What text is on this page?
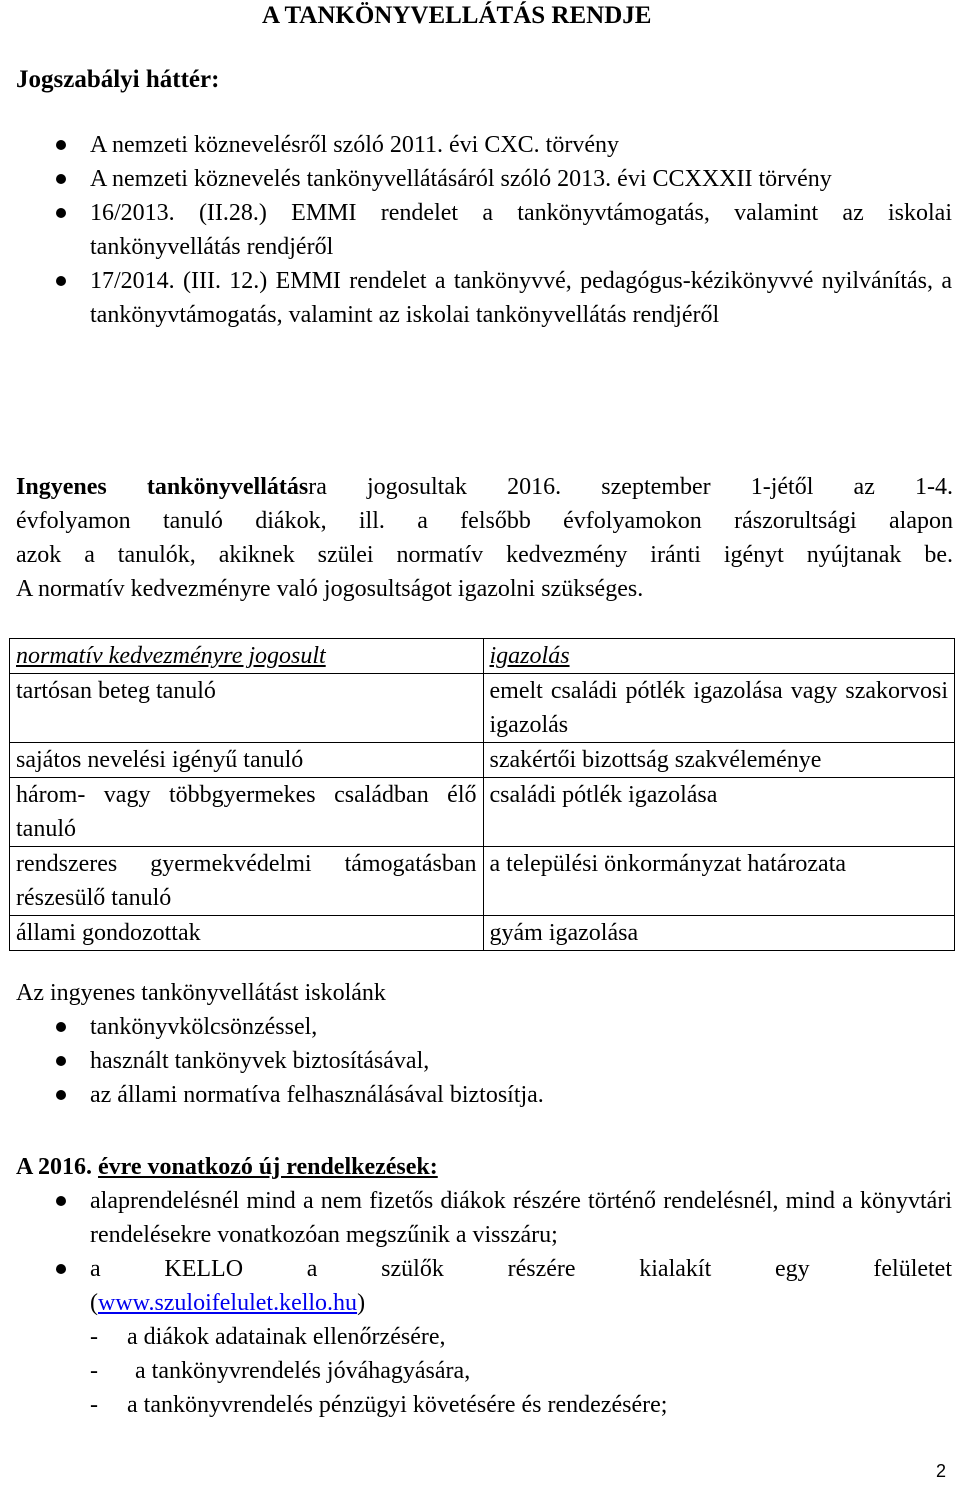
A TANKÖNYVELLÁTÁS RENDJE
Jogszabályi háttér:
A nemzeti köznevelésről szóló 2011. évi CXC. törvény
A nemzeti köznevelés tankönyvellátásáról szóló 2013. évi CCXXXII törvény
16/2013. (II.28.) EMMI rendelet a tankönyvtámogatás, valamint az iskolai tankönyvellátás rendjéről
17/2014. (III. 12.) EMMI rendelet a tankönyvvé, pedagógus-kézikönyvvé nyilvánítás, a tankönyvtámogatás, valamint az iskolai tankönyvellátás rendjéről
Ingyenes tankönyvellátásra jogosultak 2016. szeptember 1-jétől az 1-4.
évfolyamon tanuló diákok, ill. a felsőbb évfolyamokon rászorultsági alapon
azok a tanulók, akiknek szülei normatív kedvezmény iránti igényt nyújtanak be.
A normatív kedvezményre való jogosultságot igazolni szükséges.
normatív kedvezményre jogosult	igazolás
tartósan beteg tanuló	emelt családi pótlék igazolása vagy szakorvosi igazolás
sajátos nevelési igényű tanuló	szakértői bizottság szakvéleménye
három- vagy többgyermekes családban élő tanuló	családi pótlék igazolása
rendszeres gyermekvédelmi támogatásban részesülő tanuló	a települési önkormányzat határozata
állami gondozottak	gyám igazolása
Az ingyenes tankönyvellátást iskolánk
tankönyvkölcsönzéssel,
használt tankönyvek biztosításával,
az állami normatíva felhasználásával biztosítja.
A 2016. évre vonatkozó új rendelkezések:
alaprendelésnél mind a nem fizetős diákok részére történő rendelésnél, mind a könyvtári rendelésekre vonatkozóan megszűnik a visszáru;
a KELLO a szülők részére kialakít egy felületet
(www.szuloifelulet.kello.hu)
- a diákok adatainak ellenőrzésére,
- a tankönyvrendelés jóváhagyására,
- a tankönyvrendelés pénzügyi követésére és rendezésére;
2
